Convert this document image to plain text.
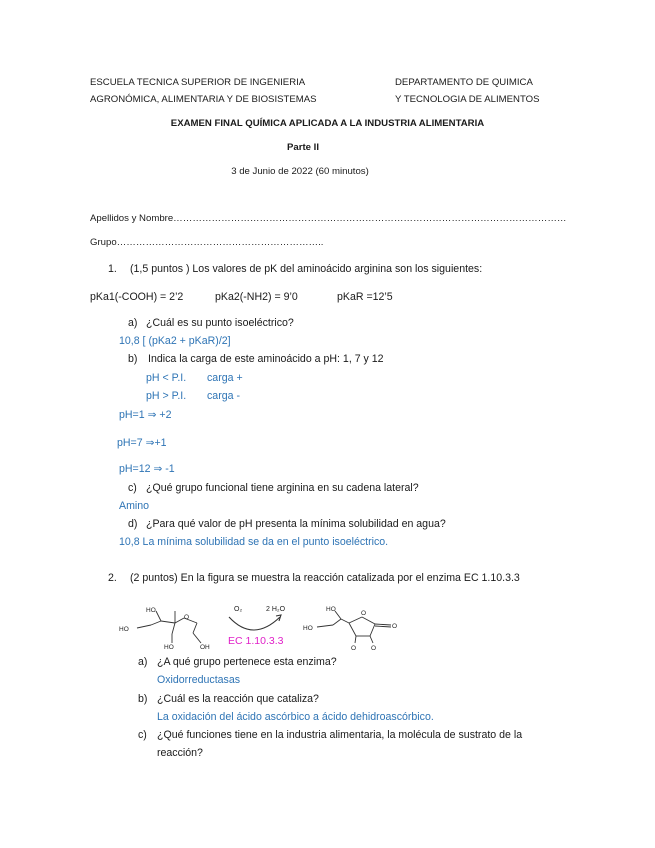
ESCUELA TECNICA SUPERIOR DE INGENIERIA
AGRONÓMICA, ALIMENTARIA Y DE BIOSISTEMAS
DEPARTAMENTO DE QUIMICA
Y TECNOLOGIA DE ALIMENTOS
EXAMEN FINAL QUÍMICA APLICADA A LA INDUSTRIA ALIMENTARIA
Parte II
3 de Junio de 2022 (60 minutos)
Apellidos y Nombre……………………………………………………………………………………………………………
Grupo………………………………………………………..
1. (1,5 puntos ) Los valores de pK del aminoácido arginina son los siguientes:
pKa1(-COOH) = 2’2	pKa2(-NH2) = 9’0	pKaR =12’5
a) ¿Cuál es su punto isoeléctrico?
10,8 [ (pKa2 + pKaR)/2]
b) Indica la carga de este aminoácido a pH: 1, 7 y 12
pH < P.I. carga +
pH > P.I. carga -
pH=1 ⇒ +2
pH=7 ⇒+1
pH=12 ⇒ -1
c) ¿Qué grupo funcional tiene arginina en su cadena lateral?
Amino
d) ¿Para qué valor de pH presenta la mínima solubilidad en agua?
10,8 La mínima solubilidad se da en el punto isoeléctrico.
2. (2 puntos) En la figura se muestra la reacción catalizada por el enzima EC 1.10.3.3
HO
HO
HO
O
OH
O₂	2 H₂O
EC 1.10.3.3
HO
HO
O
O
O O
a) ¿A qué grupo pertenece esta enzima?
Oxidorreductasas
b) ¿Cuál es la reacción que cataliza?
La oxidación del ácido ascórbico a ácido dehidroascórbico.
c) ¿Qué funciones tiene en la industria alimentaria, la molécula de sustrato de la
reacción?
